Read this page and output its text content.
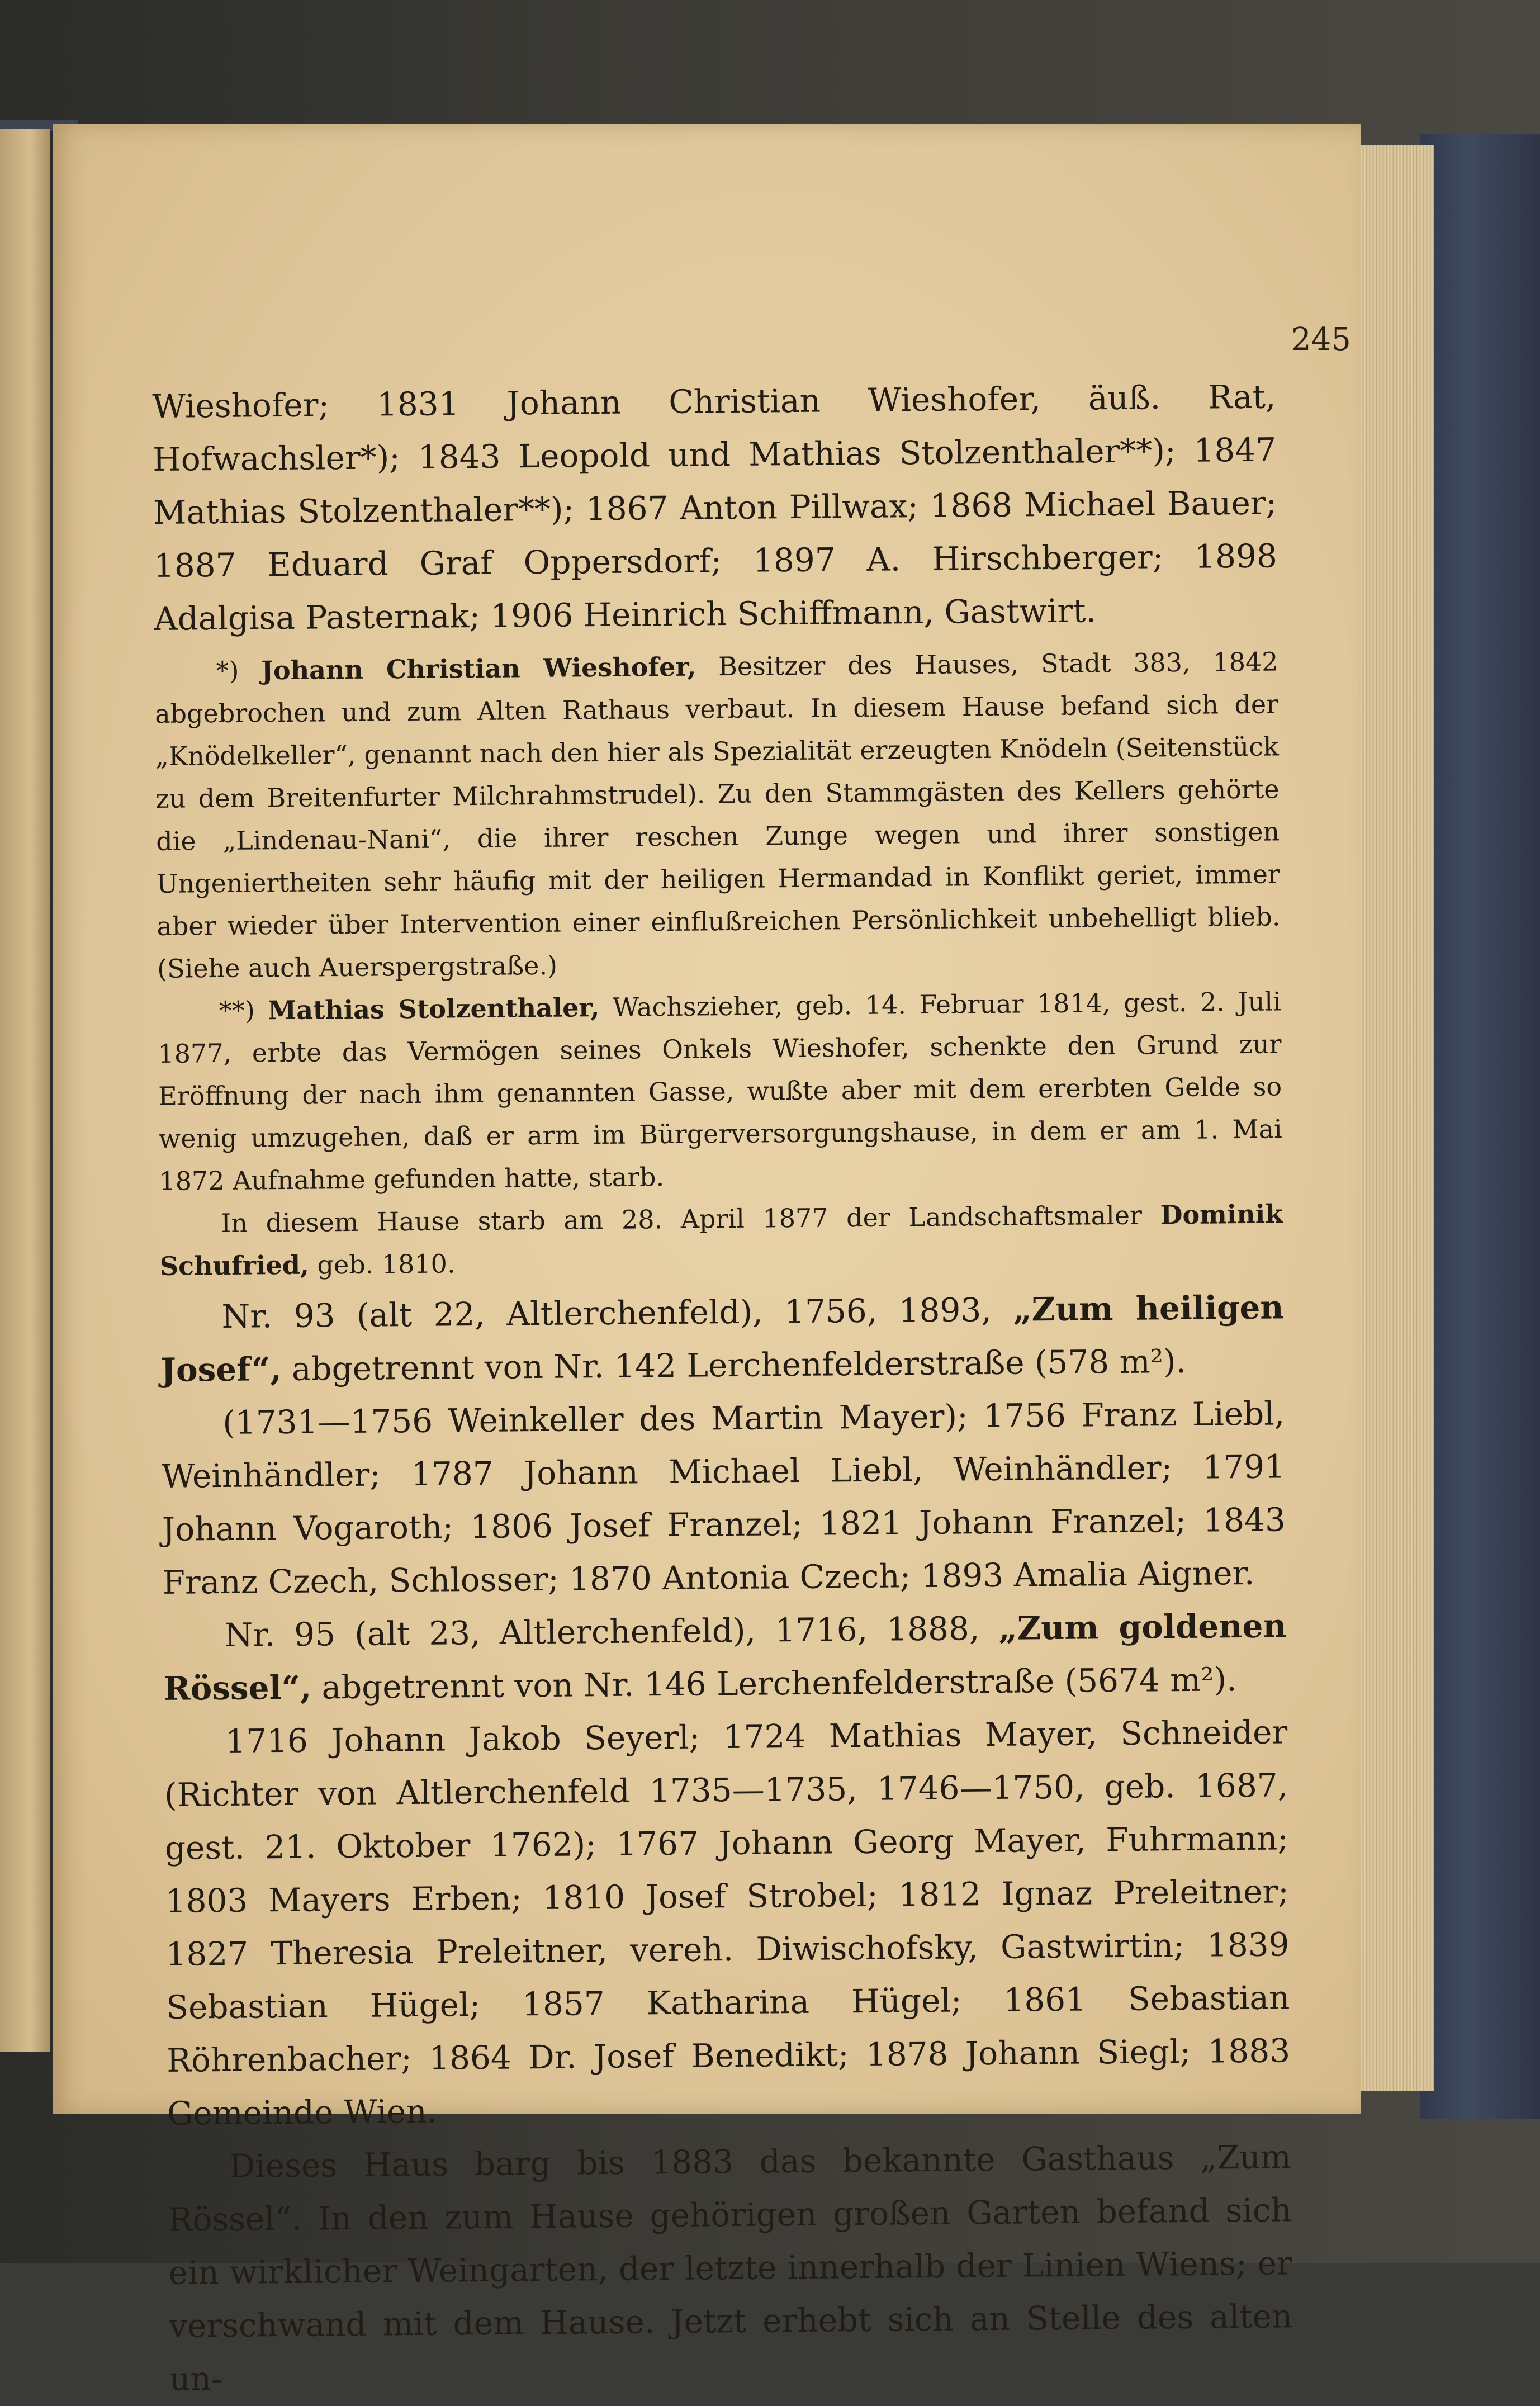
245

Wieshofer; 1831 Johann Christian Wieshofer, äuß. Rat, Hofwachsler*); 1843 Leopold und Mathias Stolzenthaler**); 1847 Mathias Stolzenthaler**); 1867 Anton Pillwax; 1868 Michael Bauer; 1887 Eduard Graf Oppersdorf; 1897 A. Hirschberger; 1898 Adalgisa Pasternak; 1906 Heinrich Schiffmann, Gastwirt.

*) Johann Christian Wieshofer, Besitzer des Hauses, Stadt 383, 1842 abgebrochen und zum Alten Rathaus verbaut. In diesem Hause befand sich der „Knödelkeller“, genannt nach den hier als Spezialität erzeugten Knödeln (Seitenstück zu dem Breitenfurter Milchrahmstrudel). Zu den Stammgästen des Kellers gehörte die „Lindenau-Nani“, die ihrer reschen Zunge wegen und ihrer sonstigen Ungeniertheiten sehr häufig mit der heiligen Hermandad in Konflikt geriet, immer aber wieder über Intervention einer einflußreichen Persönlichkeit unbehelligt blieb. (Siehe auch Auerspergstraße.)

**) Mathias Stolzenthaler, Wachszieher, geb. 14. Februar 1814, gest. 2. Juli 1877, erbte das Vermögen seines Onkels Wieshofer, schenkte den Grund zur Eröffnung der nach ihm genannten Gasse, wußte aber mit dem ererbten Gelde so wenig umzugehen, daß er arm im Bürgerversorgungshause, in dem er am 1. Mai 1872 Aufnahme gefunden hatte, starb.

In diesem Hause starb am 28. April 1877 der Landschaftsmaler Dominik Schufried, geb. 1810.

Nr. 93 (alt 22, Altlerchenfeld), 1756, 1893, „Zum heiligen Josef“, abgetrennt von Nr. 142 Lerchenfelderstraße (578 m²).

(1731—1756 Weinkeller des Martin Mayer); 1756 Franz Liebl, Weinhändler; 1787 Johann Michael Liebl, Weinhändler; 1791 Johann Vogaroth; 1806 Josef Franzel; 1821 Johann Franzel; 1843 Franz Czech, Schlosser; 1870 Antonia Czech; 1893 Amalia Aigner.

Nr. 95 (alt 23, Altlerchenfeld), 1716, 1888, „Zum goldenen Rössel“, abgetrennt von Nr. 146 Lerchenfelderstraße (5674 m²).

1716 Johann Jakob Seyerl; 1724 Mathias Mayer, Schneider (Richter von Altlerchenfeld 1735—1735, 1746—1750, geb. 1687, gest. 21. Oktober 1762); 1767 Johann Georg Mayer, Fuhrmann; 1803 Mayers Erben; 1810 Josef Strobel; 1812 Ignaz Preleitner; 1827 Theresia Preleitner, vereh. Diwischofsky, Gastwirtin; 1839 Sebastian Hügel; 1857 Katharina Hügel; 1861 Sebastian Röhrenbacher; 1864 Dr. Josef Benedikt; 1878 Johann Siegl; 1883 Gemeinde Wien.

Dieses Haus barg bis 1883 das bekannte Gasthaus „Zum Rössel“. In den zum Hause gehörigen großen Garten befand sich ein wirklicher Weingarten, der letzte innerhalb der Linien Wiens; er verschwand mit dem Hause. Jetzt erhebt sich an Stelle des alten un-
